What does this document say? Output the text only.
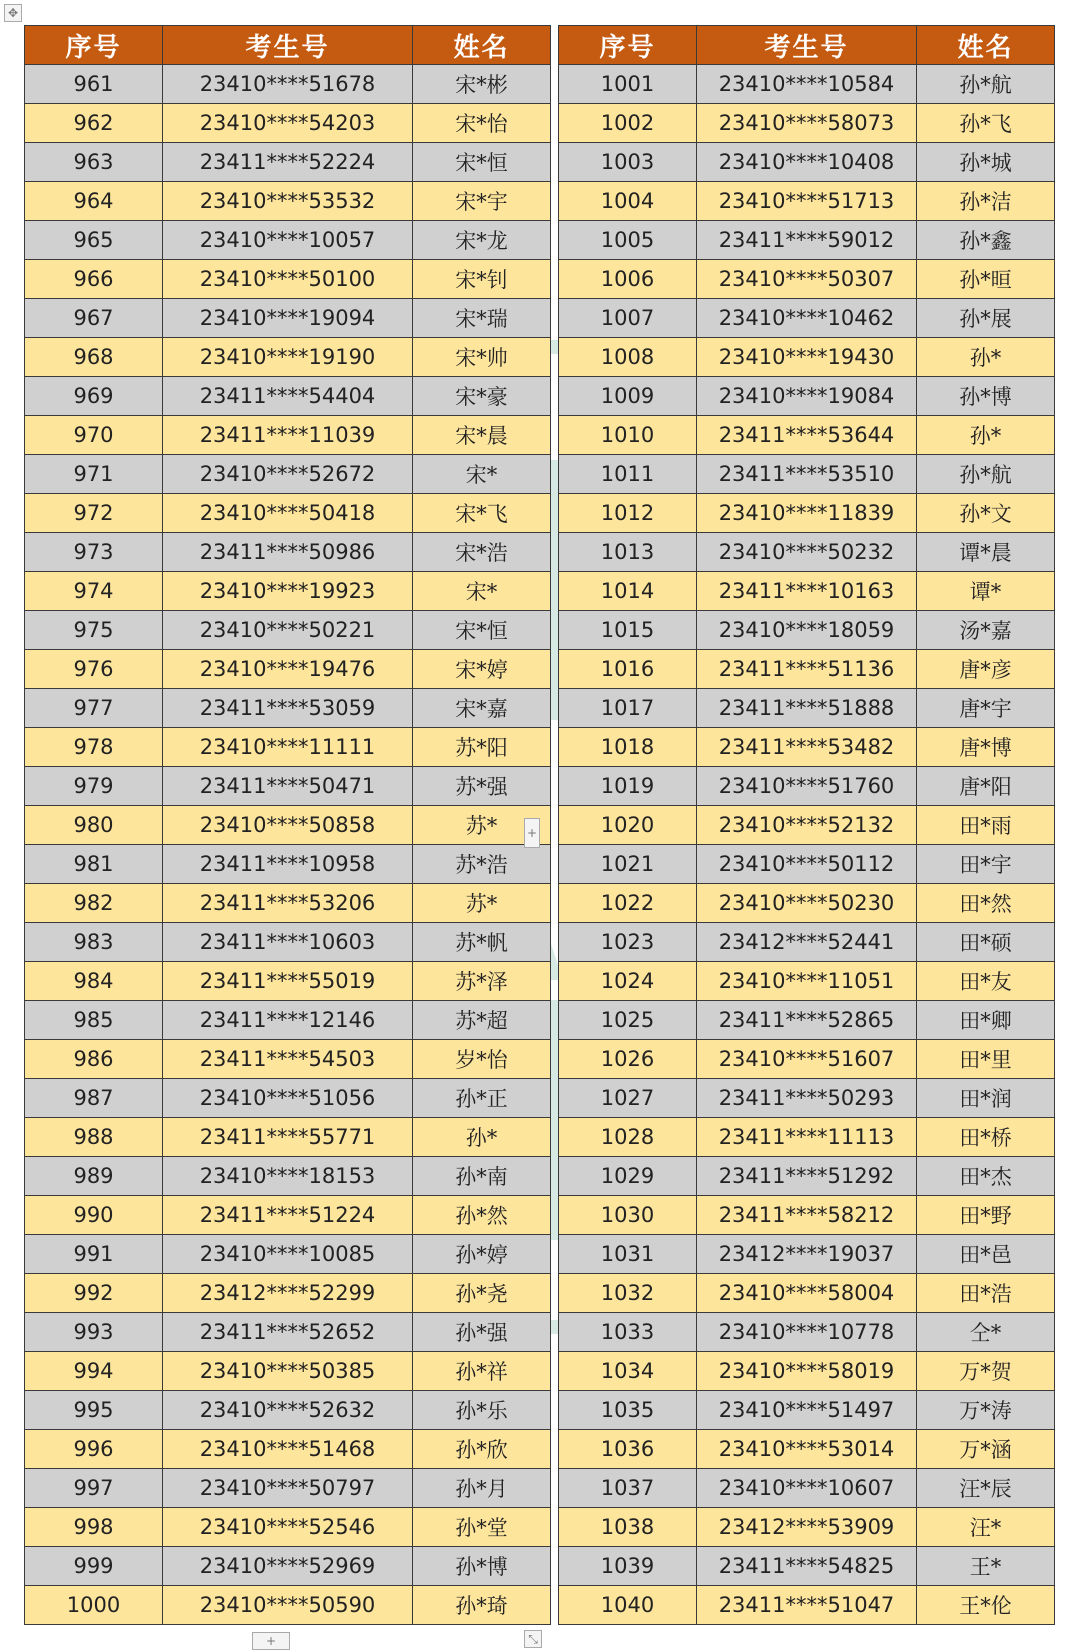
✥
序号	考生号	姓名
961	23410****51678	宋*彬
962	23410****54203	宋*怡
963	23411****52224	宋*恒
964	23410****53532	宋*宇
965	23410****10057	宋*龙
966	23410****50100	宋*钊
967	23410****19094	宋*瑞
968	23410****19190	宋*帅
969	23411****54404	宋*豪
970	23411****11039	宋*晨
971	23410****52672	宋*
972	23410****50418	宋*飞
973	23411****50986	宋*浩
974	23410****19923	宋*
975	23410****50221	宋*恒
976	23410****19476	宋*婷
977	23411****53059	宋*嘉
978	23410****11111	苏*阳
979	23411****50471	苏*强
980	23410****50858	苏*
981	23411****10958	苏*浩
982	23411****53206	苏*
983	23411****10603	苏*帆
984	23411****55019	苏*泽
985	23411****12146	苏*超
986	23411****54503	岁*怡
987	23410****51056	孙*正
988	23411****55771	孙*
989	23410****18153	孙*南
990	23411****51224	孙*然
991	23410****10085	孙*婷
992	23412****52299	孙*尧
993	23411****52652	孙*强
994	23410****50385	孙*祥
995	23410****52632	孙*乐
996	23410****51468	孙*欣
997	23410****50797	孙*月
998	23410****52546	孙*堂
999	23410****52969	孙*博
1000	23410****50590	孙*琦
序号	考生号	姓名
1001	23410****10584	孙*航
1002	23410****58073	孙*飞
1003	23410****10408	孙*城
1004	23410****51713	孙*洁
1005	23411****59012	孙*鑫
1006	23410****50307	孙*晅
1007	23410****10462	孙*展
1008	23410****19430	孙*
1009	23410****19084	孙*博
1010	23411****53644	孙*
1011	23411****53510	孙*航
1012	23410****11839	孙*文
1013	23410****50232	谭*晨
1014	23411****10163	谭*
1015	23410****18059	汤*嘉
1016	23411****51136	唐*彦
1017	23411****51888	唐*宇
1018	23411****53482	唐*博
1019	23410****51760	唐*阳
1020	23410****52132	田*雨
1021	23410****50112	田*宇
1022	23410****50230	田*然
1023	23412****52441	田*硕
1024	23410****11051	田*友
1025	23411****52865	田*卿
1026	23410****51607	田*里
1027	23411****50293	田*润
1028	23411****11113	田*桥
1029	23411****51292	田*杰
1030	23411****58212	田*野
1031	23412****19037	田*邑
1032	23410****58004	田*浩
1033	23410****10778	仝*
1034	23410****58019	万*贺
1035	23410****51497	万*涛
1036	23410****53014	万*涵
1037	23410****10607	汪*辰
1038	23412****53909	汪*
1039	23411****54825	王*
1040	23411****51047	王*伦
+
+	⤡
